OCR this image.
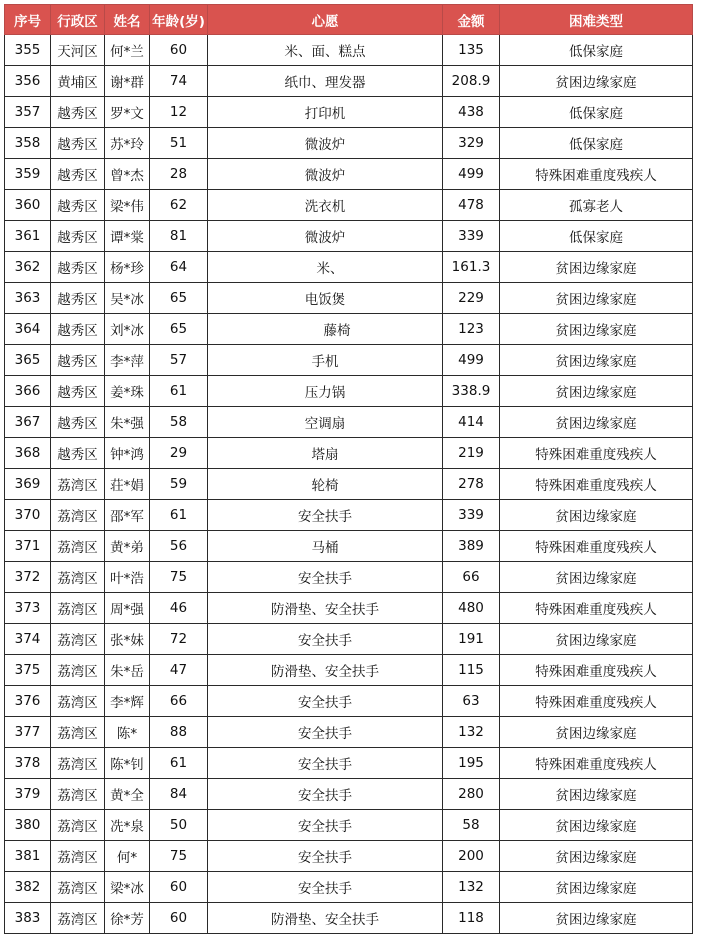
序号	行政区	姓名	年龄(岁)	心愿	金额	困难类型
355	天河区	何*兰	60	米、面、糕点	135	低保家庭
356	黄埔区	谢*群	74	纸巾、理发器	208.9	贫困边缘家庭
357	越秀区	罗*文	12	打印机	438	低保家庭
358	越秀区	苏*玲	51	微波炉	329	低保家庭
359	越秀区	曾*杰	28	微波炉	499	特殊困难重度残疾人
360	越秀区	梁*伟	62	洗衣机	478	孤寡老人
361	越秀区	谭*棠	81	微波炉	339	低保家庭
362	越秀区	杨*珍	64	米、	161.3	贫困边缘家庭
363	越秀区	吴*冰	65	电饭煲	229	贫困边缘家庭
364	越秀区	刘*冰	65	藤椅	123	贫困边缘家庭
365	越秀区	李*萍	57	手机	499	贫困边缘家庭
366	越秀区	姜*珠	61	压力锅	338.9	贫困边缘家庭
367	越秀区	朱*强	58	空调扇	414	贫困边缘家庭
368	越秀区	钟*鸿	29	塔扇	219	特殊困难重度残疾人
369	荔湾区	荘*娟	59	轮椅	278	特殊困难重度残疾人
370	荔湾区	邵*军	61	安全扶手	339	贫困边缘家庭
371	荔湾区	黄*弟	56	马桶	389	特殊困难重度残疾人
372	荔湾区	叶*浩	75	安全扶手	66	贫困边缘家庭
373	荔湾区	周*强	46	防滑垫、安全扶手	480	特殊困难重度残疾人
374	荔湾区	张*妹	72	安全扶手	191	贫困边缘家庭
375	荔湾区	朱*岳	47	防滑垫、安全扶手	115	特殊困难重度残疾人
376	荔湾区	李*辉	66	安全扶手	63	特殊困难重度残疾人
377	荔湾区	陈*	88	安全扶手	132	贫困边缘家庭
378	荔湾区	陈*钊	61	安全扶手	195	特殊困难重度残疾人
379	荔湾区	黄*全	84	安全扶手	280	贫困边缘家庭
380	荔湾区	冼*泉	50	安全扶手	58	贫困边缘家庭
381	荔湾区	何*	75	安全扶手	200	贫困边缘家庭
382	荔湾区	梁*冰	60	安全扶手	132	贫困边缘家庭
383	荔湾区	徐*芳	60	防滑垫、安全扶手	118	贫困边缘家庭
